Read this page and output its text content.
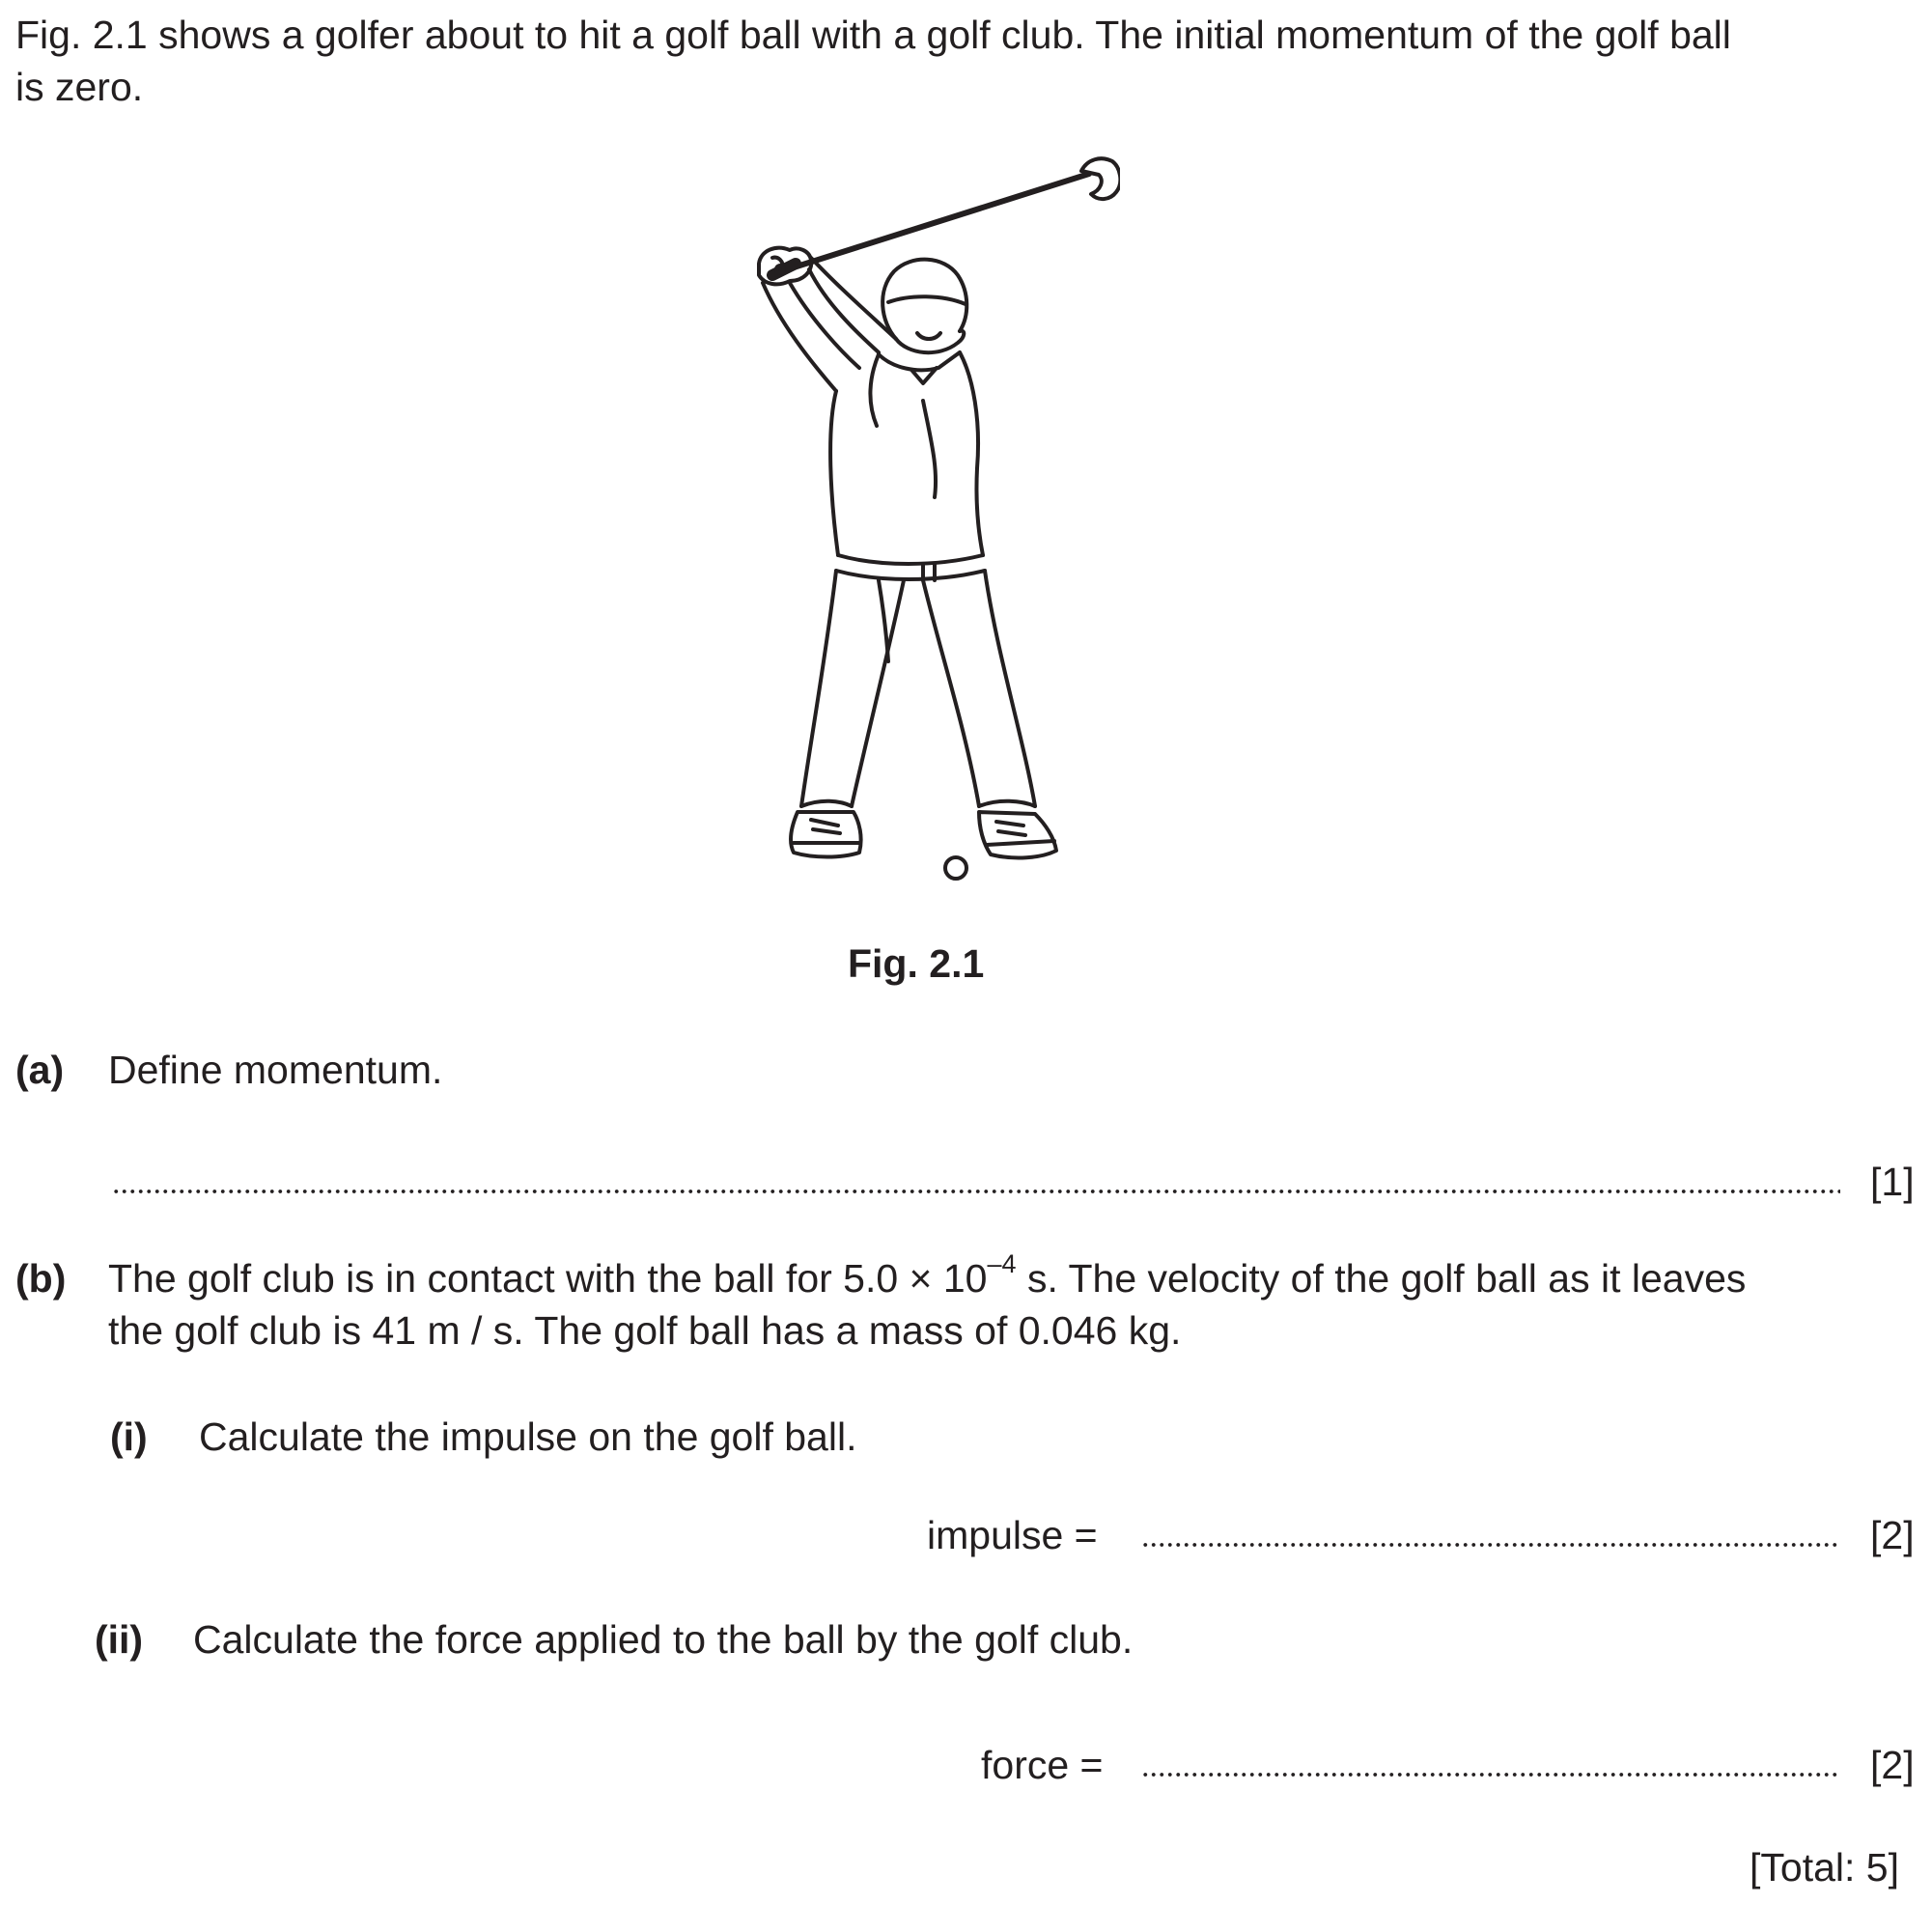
Fig. 2.1 shows a golfer about to hit a golf ball with a golf club. The initial momentum of the golf ball
is zero.
Fig. 2.1
(a) Define momentum.
[1]
(b) The golf club is in contact with the ball for $5.0 \times 10^{-4}$ s. The velocity of the golf ball as it leaves
the golf club is 41 m / s. The golf ball has a mass of 0.046 kg.
(i) Calculate the impulse on the golf ball.
impulse =	[2]
(ii) Calculate the force applied to the ball by the golf club.
force =	[2]
[Total: 5]
